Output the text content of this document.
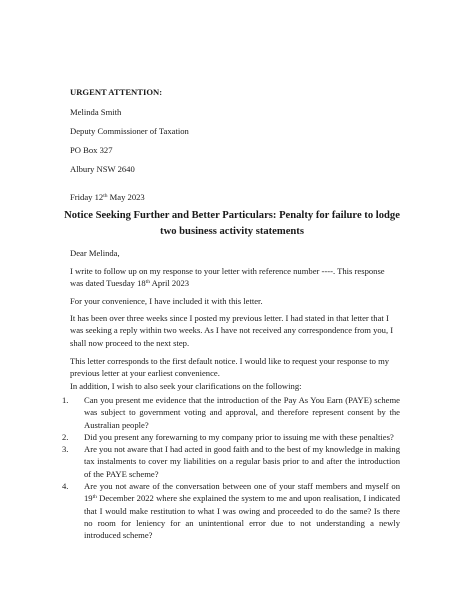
URGENT ATTENTION:
Melinda Smith
Deputy Commissioner of Taxation
PO Box 327
Albury NSW 2640
Friday 12th May 2023
Notice Seeking Further and Better Particulars: Penalty for failure to lodge two business activity statements
Dear Melinda,
I write to follow up on my response to your letter with reference number ----. This response was dated Tuesday 18th April 2023
For your convenience, I have included it with this letter.
It has been over three weeks since I posted my previous letter. I had stated in that letter that I was seeking a reply within two weeks. As I have not received any correspondence from you, I shall now proceed to the next step.
This letter corresponds to the first default notice. I would like to request your response to my previous letter at your earliest convenience.
In addition, I wish to also seek your clarifications on the following:
1.	Can you present me evidence that the introduction of the Pay As You Earn (PAYE) scheme was subject to government voting and approval, and therefore represent consent by the Australian people?
2.	Did you present any forewarning to my company prior to issuing me with these penalties?
3.	Are you not aware that I had acted in good faith and to the best of my knowledge in making tax instalments to cover my liabilities on a regular basis prior to and after the introduction of the PAYE scheme?
4.	Are you not aware of the conversation between one of your staff members and myself on 19th December 2022 where she explained the system to me and upon realisation, I indicated that I would make restitution to what I was owing and proceeded to do the same? Is there no room for leniency for an unintentional error due to not understanding a newly introduced scheme?
